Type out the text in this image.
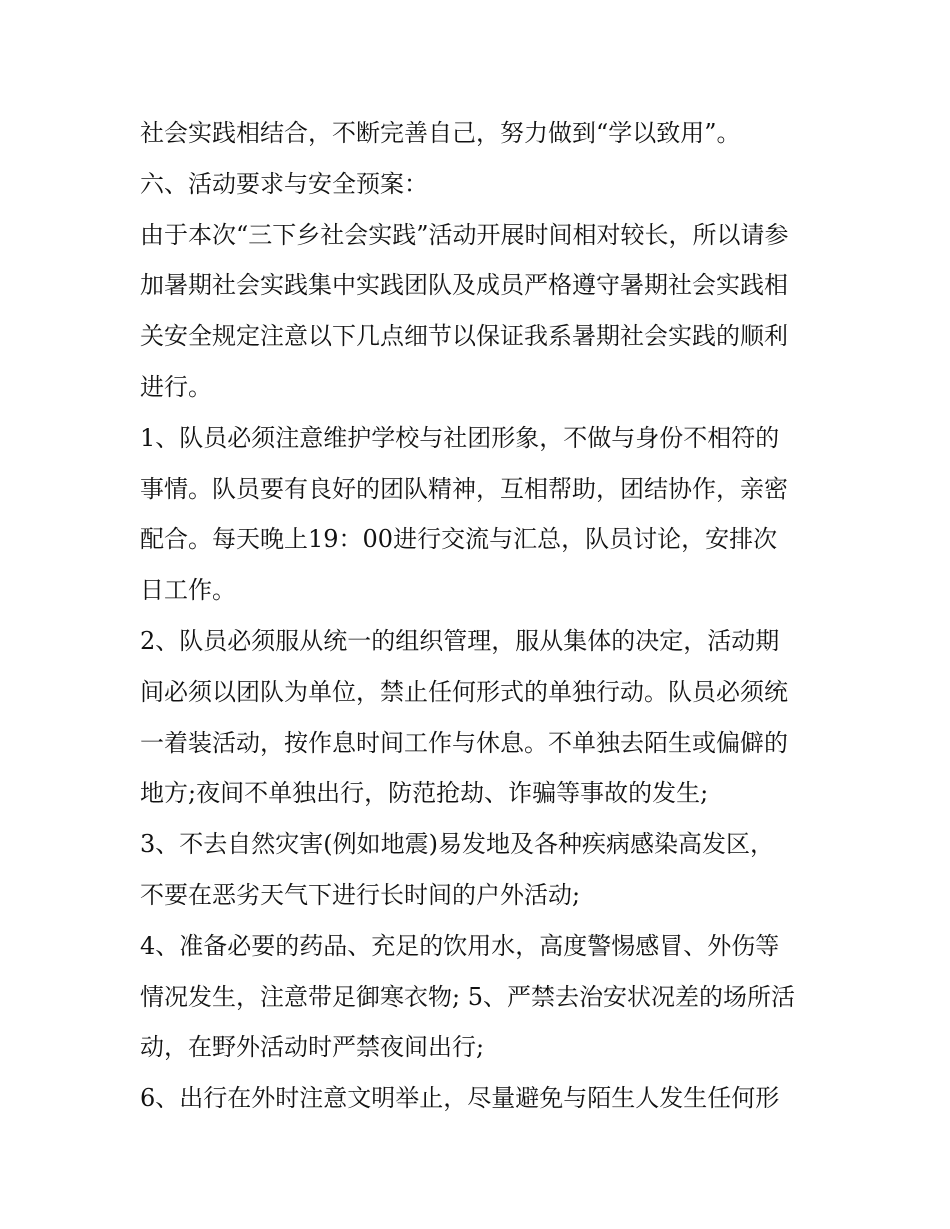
社会实践相结合，不断完善自己，努力做到“学以致用”。
六、活动要求与安全预案：
由于本次“三下乡社会实践”活动开展时间相对较长，所以请参
加暑期社会实践集中实践团队及成员严格遵守暑期社会实践相
关安全规定注意以下几点细节以保证我系暑期社会实践的顺利
进行。
1、队员必须注意维护学校与社团形象，不做与身份不相符的
事情。队员要有良好的团队精神，互相帮助，团结协作，亲密
配合。每天晚上19：00进行交流与汇总，队员讨论，安排次
日工作。
2、队员必须服从统一的组织管理，服从集体的决定，活动期
间必须以团队为单位，禁止任何形式的单独行动。队员必须统
一着装活动，按作息时间工作与休息。不单独去陌生或偏僻的
地方;夜间不单独出行，防范抢劫、诈骗等事故的发生;
3、不去自然灾害(例如地震)易发地及各种疾病感染高发区，
不要在恶劣天气下进行长时间的户外活动;
4、准备必要的药品、充足的饮用水，高度警惕感冒、外伤等
情况发生，注意带足御寒衣物; 5、严禁去治安状况差的场所活
动，在野外活动时严禁夜间出行;
6、出行在外时注意文明举止，尽量避免与陌生人发生任何形
